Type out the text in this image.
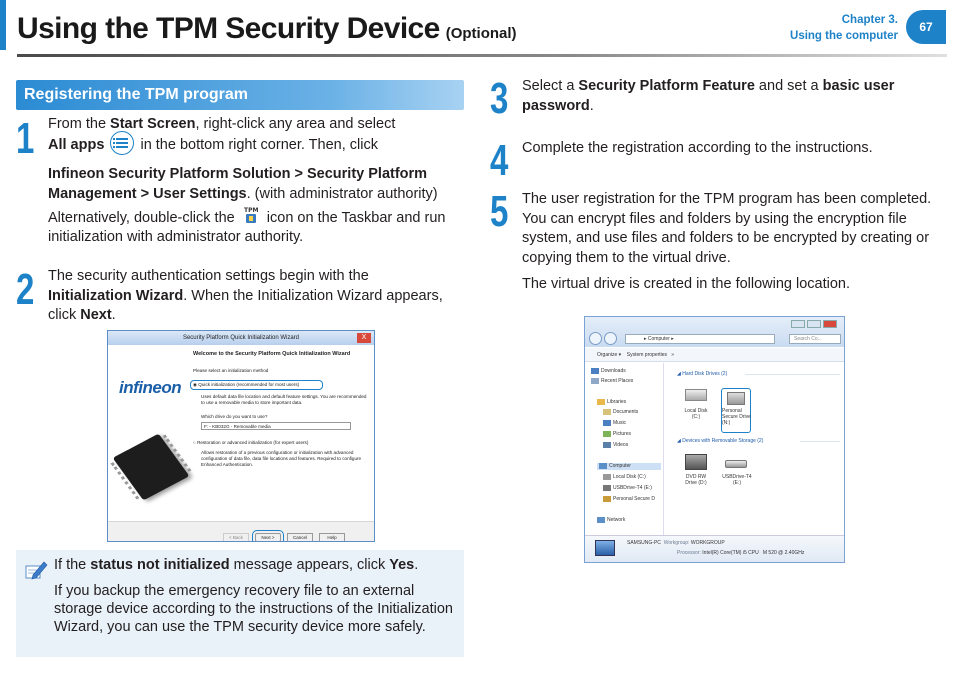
Using the TPM Security Device (Optional)
Chapter 3.
Using the computer
67
Registering the TPM program
1 From the Start Screen, right-click any area and select
All apps
in the bottom right corner. Then, click

Infineon Security Platform Solution > Security Platform Management > User Settings. (with administrator authority)

Alternatively, double-click the TPM icon on the Taskbar and run initialization with administrator authority.

2 The security authentication settings begin with the Initialization Wizard. When the Initialization Wizard appears, click Next.

Security Platform Quick Initialization Wizard	X
infineon
Welcome to the Security Platform Quick Initialization Wizard
Please select an initialization method
◉ Quick initialization (recommended for most users)
Uses default data file location and default feature settings. You are recommended to use a removable media to store important data.
Which drive do you want to use?
F: - KB032G - Removable media
○ Restoration or advanced initialization (for expert users)
Allows restoration of a previous configuration or initialization with advanced configuration of data file, data file locations and features. Required to configure Enhanced Authentication.
< Back	Next >	Cancel	Help

If the status not initialized message appears, click Yes.

If you backup the emergency recovery file to an external storage device according to the instructions of the Initialization Wizard, you can use the TPM security device more safely.

3 Select a Security Platform Feature and set a basic user password.

4 Complete the registration according to the instructions.

5 The user registration for the TPM program has been completed. You can encrypt files and folders by using the encryption file system, and use files and folders to be encrypted by creating or copying them to the virtual drive.

The virtual drive is created in the following location.

▸ Computer ▸	Search Co...
Organize ▾ System properties »
Downloads
Recent Places
Libraries
Documents
Music
Pictures
Videos
Computer
Local Disk (C:)
USBDrive-T4 (E:)
Personal Secure D
Network
◢ Hard Disk Drives (2)
Local Disk (C:)
Personal Secure Drive (N:)
◢ Devices with Removable Storage (2)
DVD RW Drive (D:)
USBDrive-T4 (E:)
SAMSUNG-PC Workgroup: WORKGROUP
Processor: Intel(R) Core(TM) i5 CPU M 520 @ 2.40GHz
